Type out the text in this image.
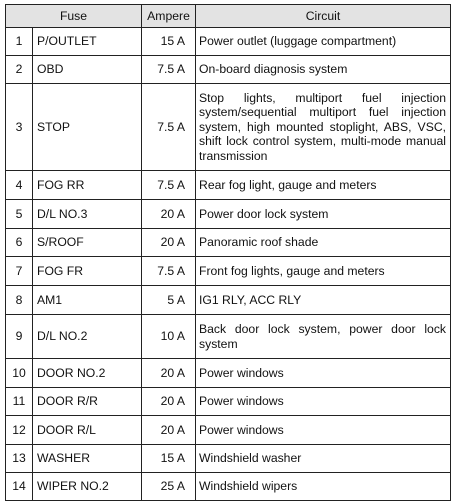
Fuse		Ampere	Circuit
1	P/OUTLET	15 A	Power outlet (luggage compartment)
2	OBD	7.5 A	On-board diagnosis system
3	STOP	7.5 A	Stop lights, multiport fuel injection system/sequential multiport fuel injection system, high mounted stoplight, ABS, VSC, shift lock control system, multi-mode manual transmission
4	FOG RR	7.5 A	Rear fog light, gauge and meters
5	D/L NO.3	20 A	Power door lock system
6	S/ROOF	20 A	Panoramic roof shade
7	FOG FR	7.5 A	Front fog lights, gauge and meters
8	AM1	5 A	IG1 RLY, ACC RLY
9	D/L NO.2	10 A	Back door lock system, power door lock system
10	DOOR NO.2	20 A	Power windows
11	DOOR R/R	20 A	Power windows
12	DOOR R/L	20 A	Power windows
13	WASHER	15 A	Windshield washer
14	WIPER NO.2	25 A	Windshield wipers
